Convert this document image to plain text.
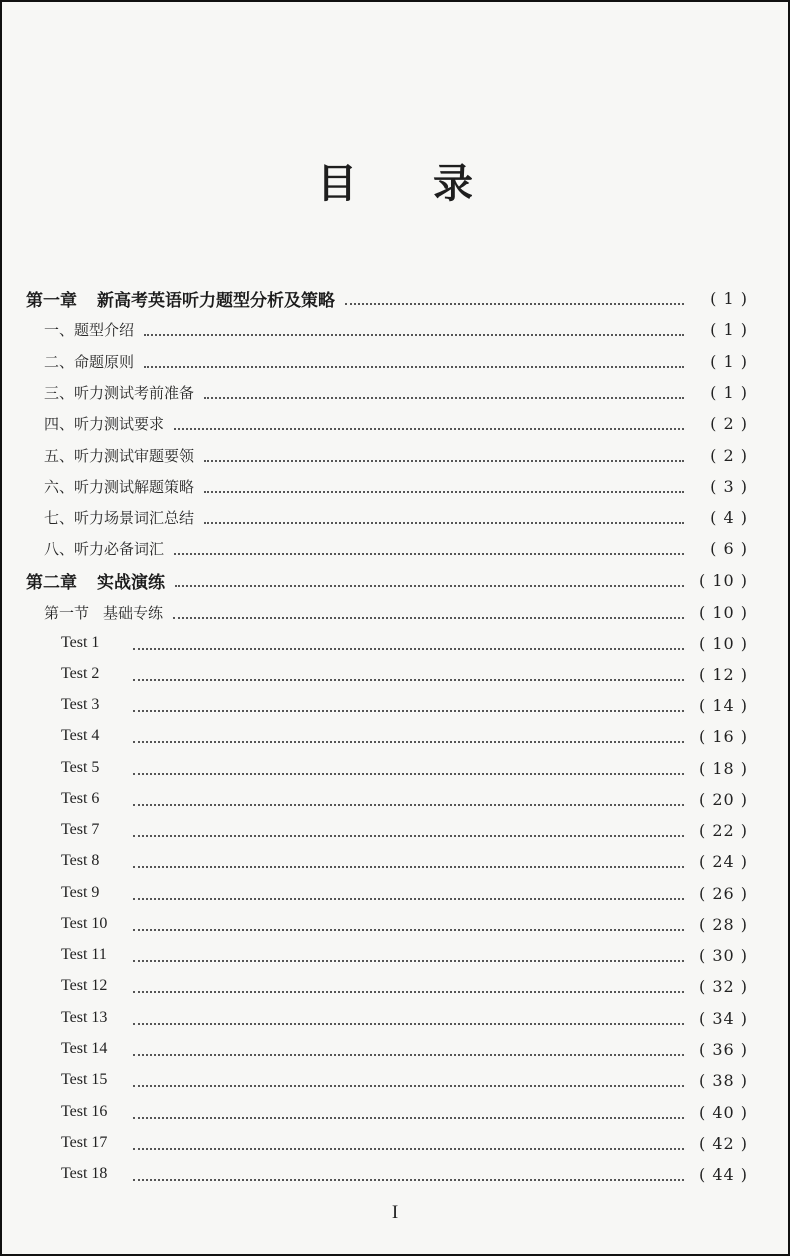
目录
第一章 新高考英语听力题型分析及策略	( 1 )
一、题型介绍	( 1 )
二、命题原则	( 1 )
三、听力测试考前准备	( 1 )
四、听力测试要求	( 2 )
五、听力测试审题要领	( 2 )
六、听力测试解题策略	( 3 )
七、听力场景词汇总结	( 4 )
八、听力必备词汇	( 6 )
第二章 实战演练	( 10 )
第一节 基础专练	( 10 )
Test 1	( 10 )
Test 2	( 12 )
Test 3	( 14 )
Test 4	( 16 )
Test 5	( 18 )
Test 6	( 20 )
Test 7	( 22 )
Test 8	( 24 )
Test 9	( 26 )
Test 10	( 28 )
Test 11	( 30 )
Test 12	( 32 )
Test 13	( 34 )
Test 14	( 36 )
Test 15	( 38 )
Test 16	( 40 )
Test 17	( 42 )
Test 18	( 44 )
I
